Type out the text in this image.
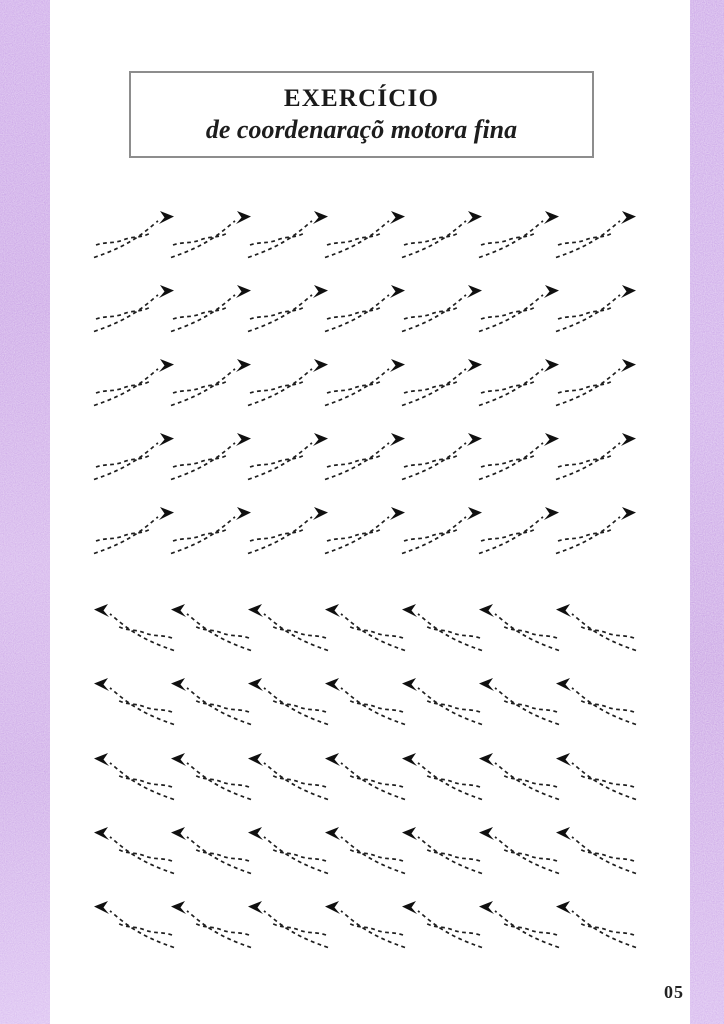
EXERCÍCIO
de coordenaraçõ motora fina
05
